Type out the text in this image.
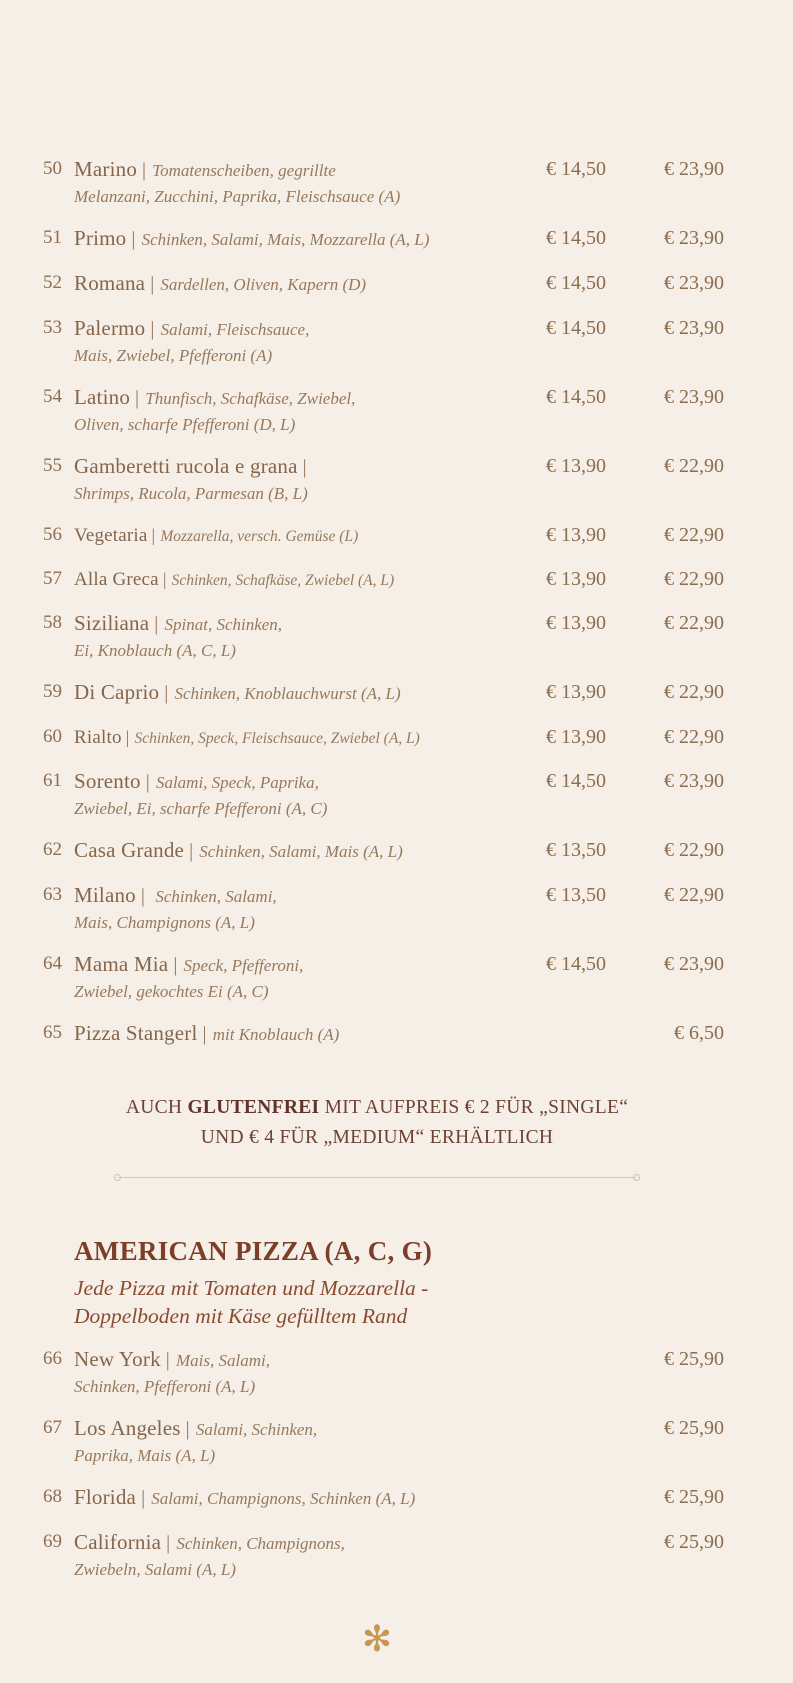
50 Marino | Tomatenscheiben, gegrillte
Melanzani, Zucchini, Paprika, Fleischsauce (A)
€ 14,50	€ 23,90
51 Primo | Schinken, Salami, Mais, Mozzarella (A, L)	€ 14,50	€ 23,90
52 Romana | Sardellen, Oliven, Kapern (D)	€ 14,50	€ 23,90
53 Palermo | Salami, Fleischsauce,
Mais, Zwiebel, Pfefferoni (A)
€ 14,50	€ 23,90
54 Latino | Thunfisch, Schafkäse, Zwiebel,
Oliven, scharfe Pfefferoni (D, L)
€ 14,50	€ 23,90
55 Gamberetti rucola e grana |
Shrimps, Rucola, Parmesan (B, L)
€ 13,90	€ 22,90
56 Vegetaria | Mozzarella, versch. Gemüse (L)	€ 13,90	€ 22,90
57 Alla Greca | Schinken, Schafkäse, Zwiebel (A, L)	€ 13,90	€ 22,90
58 Siziliana | Spinat, Schinken,
Ei, Knoblauch (A, C, L)
€ 13,90	€ 22,90
59 Di Caprio | Schinken, Knoblauchwurst (A, L)	€ 13,90	€ 22,90
60 Rialto | Schinken, Speck, Fleischsauce, Zwiebel (A, L)	€ 13,90	€ 22,90
61 Sorento | Salami, Speck, Paprika,
Zwiebel, Ei, scharfe Pfefferoni (A, C)
€ 14,50	€ 23,90
62 Casa Grande | Schinken, Salami, Mais (A, L)	€ 13,50	€ 22,90
63 Milano | Schinken, Salami,
Mais, Champignons (A, L)
€ 13,50	€ 22,90
64 Mama Mia | Speck, Pfefferoni,
Zwiebel, gekochtes Ei (A, C)
€ 14,50	€ 23,90
65 Pizza Stangerl | mit Knoblauch (A)	€ 6,50

AUCH GLUTENFREI MIT AUFPREIS € 2 FÜR „SINGLE“
UND € 4 FÜR „MEDIUM“ ERHÄLTLICH

AMERICAN PIZZA (A, C, G)

Jede Pizza mit Tomaten und Mozzarella -
Doppelboden mit Käse gefülltem Rand

66 New York | Mais, Salami,
Schinken, Pfefferoni (A, L)
€ 25,90
67 Los Angeles | Salami, Schinken,
Paprika, Mais (A, L)
€ 25,90
68 Florida | Salami, Champignons, Schinken (A, L)	€ 25,90
69 California | Schinken, Champignons,
Zwiebeln, Salami (A, L)
€ 25,90
✻
